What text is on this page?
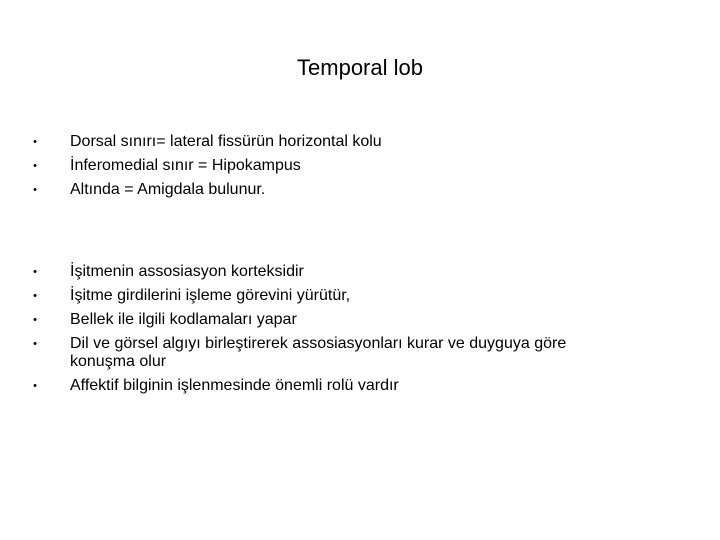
Temporal lob
• Dorsal sınırı= lateral fissürün horizontal kolu
• İnferomedial sınır = Hipokampus
• Altında = Amigdala bulunur.
• İşitmenin assosiasyon korteksidir
• İşitme girdilerini işleme görevini yürütür,
• Bellek ile ilgili kodlamaları yapar
• Dil ve görsel algıyı birleştirerek assosiasyonları kurar ve duyguya göre konuşma olur
• Affektif bilginin işlenmesinde önemli rolü vardır
